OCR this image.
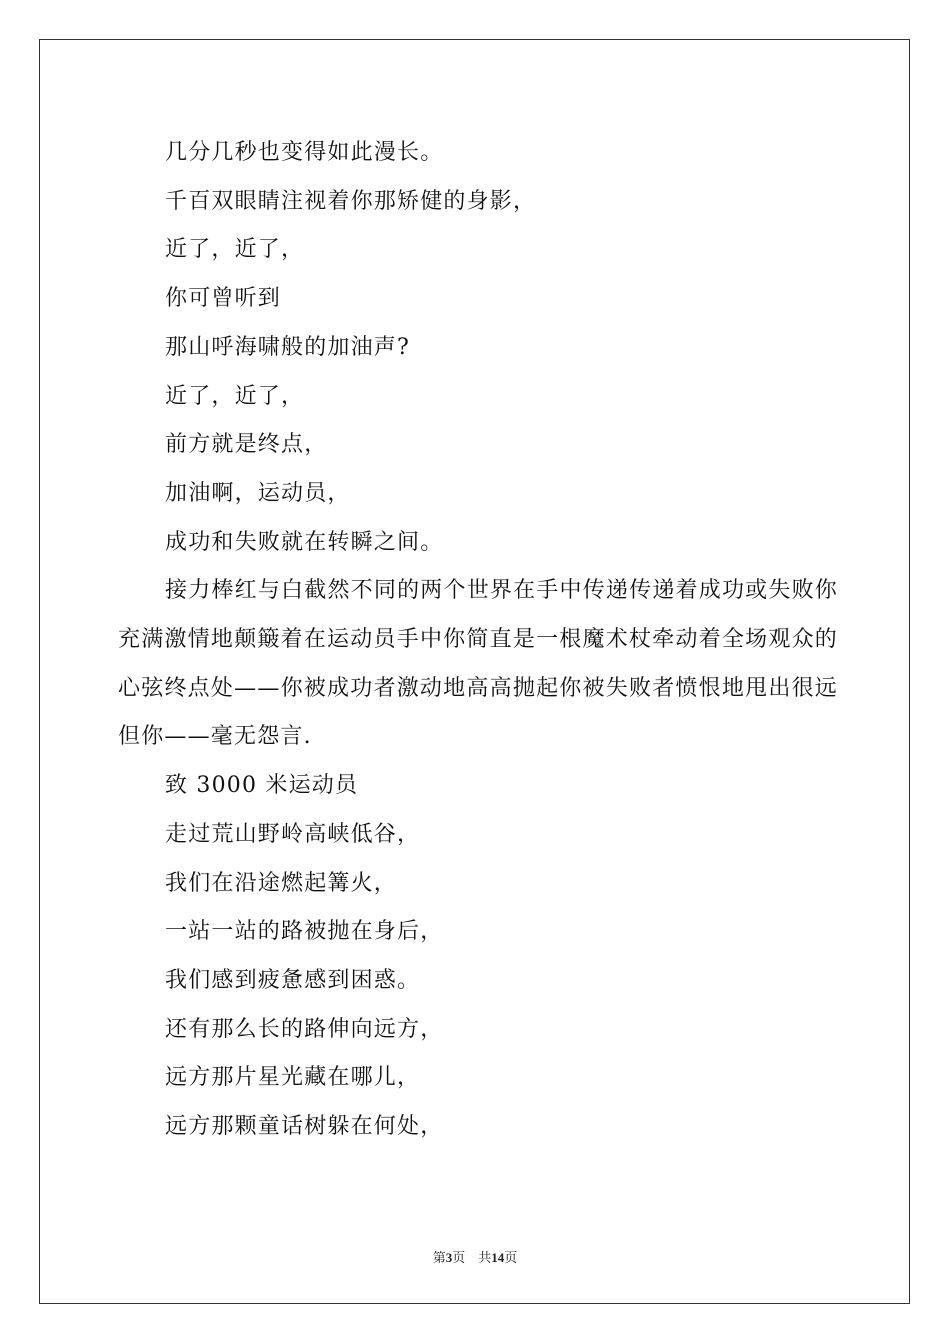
几分几秒也变得如此漫长。

千百双眼睛注视着你那矫健的身影，

近了，近了，

你可曾听到

那山呼海啸般的加油声?

近了，近了，

前方就是终点，

加油啊，运动员，

成功和失败就在转瞬之间。

接力棒红与白截然不同的两个世界在手中传递传递着成功或失败你充满激情地颠簸着在运动员手中你简直是一根魔术杖牵动着全场观众的心弦终点处——你被成功者激动地高高抛起你被失败者愤恨地甩出很远但你——毫无怨言.

致 3000 米运动员

走过荒山野岭高峡低谷，

我们在沿途燃起篝火，

一站一站的路被抛在身后，

我们感到疲惫感到困惑。

还有那么长的路伸向远方，

远方那片星光藏在哪儿，

远方那颗童话树躲在何处，

第3页    共14页
